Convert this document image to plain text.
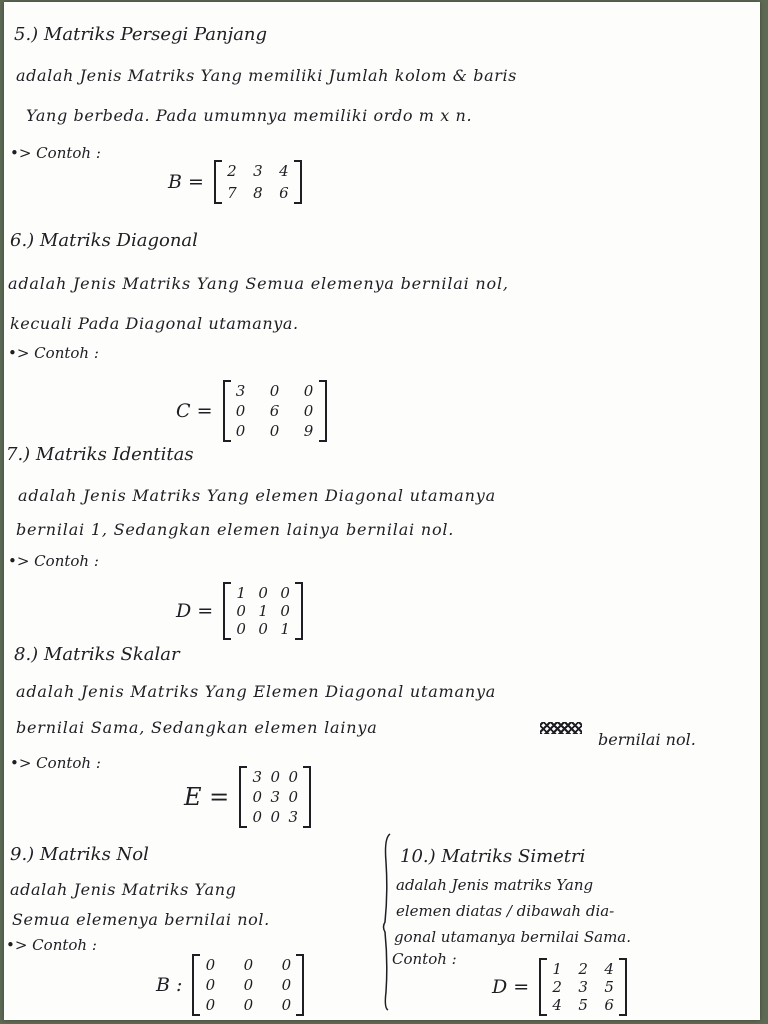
5.) Matriks Persegi Panjang
adalah Jenis Matriks Yang memiliki Jumlah kolom & baris
Yang berbeda. Pada umumnya memiliki ordo m x n.
•> Contoh :
B = 2 3 4
7 8 6
6.) Matriks Diagonal
adalah Jenis Matriks Yang Semua elemenya bernilai nol,
kecuali Pada Diagonal utamanya.
•> Contoh :
C =
3 0 0
0 6 0
0 0 9
7.) Matriks Identitas
adalah Jenis Matriks Yang elemen Diagonal utamanya
bernilai 1, Sedangkan elemen lainya bernilai nol.
•> Contoh :
D =
1 0 0
0 1 0
0 0 1
8.) Matriks Skalar
adalah Jenis Matriks Yang Elemen Diagonal utamanya
bernilai Sama, Sedangkan elemen lainya
bernilai nol.
•> Contoh :
E =
3 0 0
0 3 0
0 0 3
9.) Matriks Nol
adalah Jenis Matriks Yang
Semua elemenya bernilai nol.
•> Contoh :
B :
0 0 0
0 0 0
0 0 0
10.) Matriks Simetri
adalah Jenis matriks Yang
elemen diatas / dibawah dia-
gonal utamanya bernilai Sama.
Contoh :
D =
1 2 4
2 3 5
4 5 6
